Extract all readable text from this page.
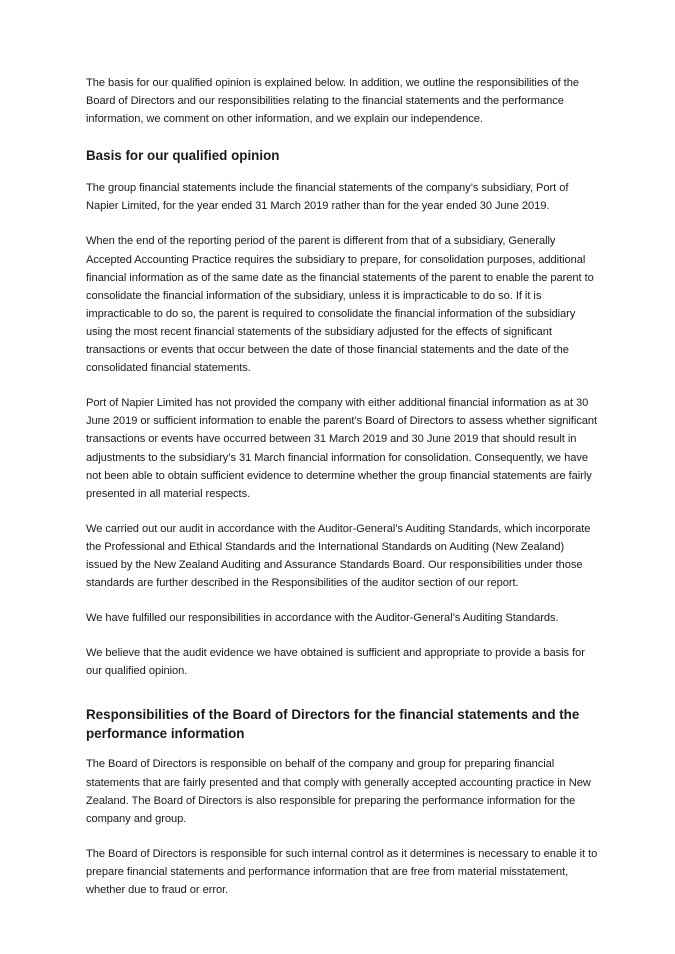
The basis for our qualified opinion is explained below. In addition, we outline the responsibilities of the Board of Directors and our responsibilities relating to the financial statements and the performance information, we comment on other information, and we explain our independence.

Basis for our qualified opinion

The group financial statements include the financial statements of the company’s subsidiary, Port of Napier Limited, for the year ended 31 March 2019 rather than for the year ended 30 June 2019.

When the end of the reporting period of the parent is different from that of a subsidiary, Generally Accepted Accounting Practice requires the subsidiary to prepare, for consolidation purposes, additional financial information as of the same date as the financial statements of the parent to enable the parent to consolidate the financial information of the subsidiary, unless it is impracticable to do so. If it is impracticable to do so, the parent is required to consolidate the financial information of the subsidiary using the most recent financial statements of the subsidiary adjusted for the effects of significant transactions or events that occur between the date of those financial statements and the date of the consolidated financial statements.

Port of Napier Limited has not provided the company with either additional financial information as at 30 June 2019 or sufficient information to enable the parent’s Board of Directors to assess whether significant transactions or events have occurred between 31 March 2019 and 30 June 2019 that should result in adjustments to the subsidiary’s 31 March financial information for consolidation. Consequently, we have not been able to obtain sufficient evidence to determine whether the group financial statements are fairly presented in all material respects.

We carried out our audit in accordance with the Auditor-General’s Auditing Standards, which incorporate the Professional and Ethical Standards and the International Standards on Auditing (New Zealand) issued by the New Zealand Auditing and Assurance Standards Board. Our responsibilities under those standards are further described in the Responsibilities of the auditor section of our report.

We have fulfilled our responsibilities in accordance with the Auditor-General’s Auditing Standards.

We believe that the audit evidence we have obtained is sufficient and appropriate to provide a basis for our qualified opinion.

Responsibilities of the Board of Directors for the financial statements and the performance information

The Board of Directors is responsible on behalf of the company and group for preparing financial statements that are fairly presented and that comply with generally accepted accounting practice in New Zealand. The Board of Directors is also responsible for preparing the performance information for the company and group.

The Board of Directors is responsible for such internal control as it determines is necessary to enable it to prepare financial statements and performance information that are free from material misstatement, whether due to fraud or error.
